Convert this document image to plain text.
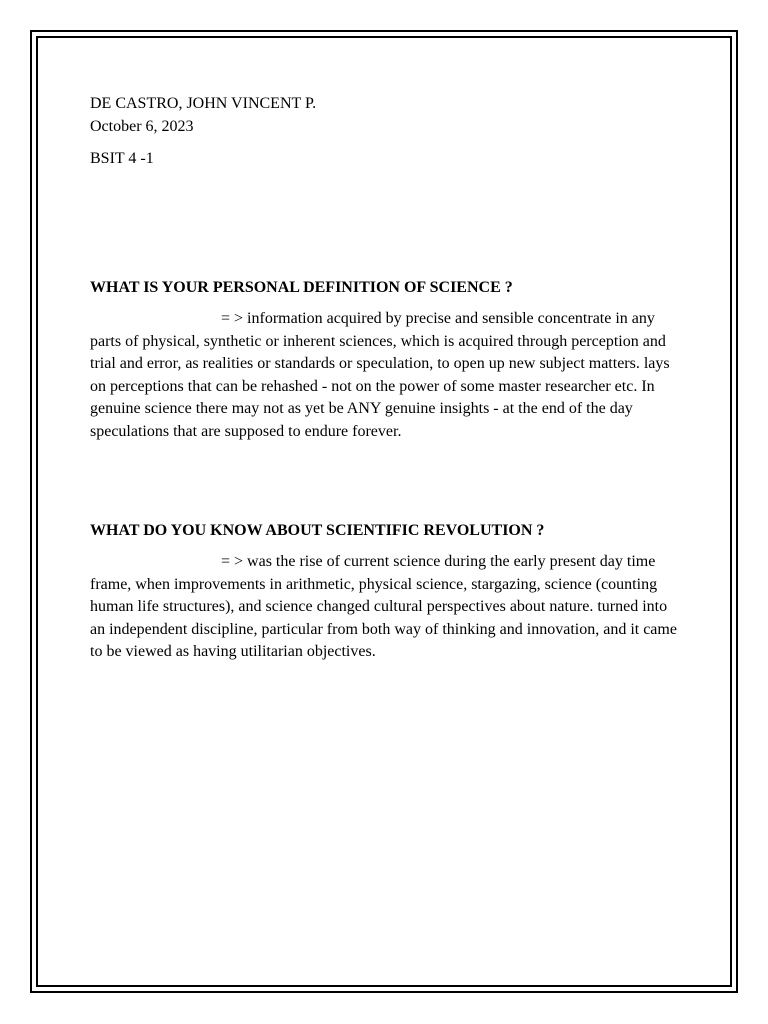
DE CASTRO, JOHN VINCENT P.
October 6, 2023
BSIT 4 -1
WHAT IS YOUR PERSONAL DEFINITION OF SCIENCE ?

= > information acquired by precise and sensible concentrate in any parts of physical, synthetic or inherent sciences, which is acquired through perception and trial and error, as realities or standards or speculation, to open up new subject matters. lays on perceptions that can be rehashed - not on the power of some master researcher etc. In genuine science there may not as yet be ANY genuine insights - at the end of the day speculations that are supposed to endure forever.

WHAT DO YOU KNOW ABOUT SCIENTIFIC REVOLUTION ?

= > was the rise of current science during the early present day time frame, when improvements in arithmetic, physical science, stargazing, science (counting human life structures), and science changed cultural perspectives about nature. turned into an independent discipline, particular from both way of thinking and innovation, and it came to be viewed as having utilitarian objectives.
